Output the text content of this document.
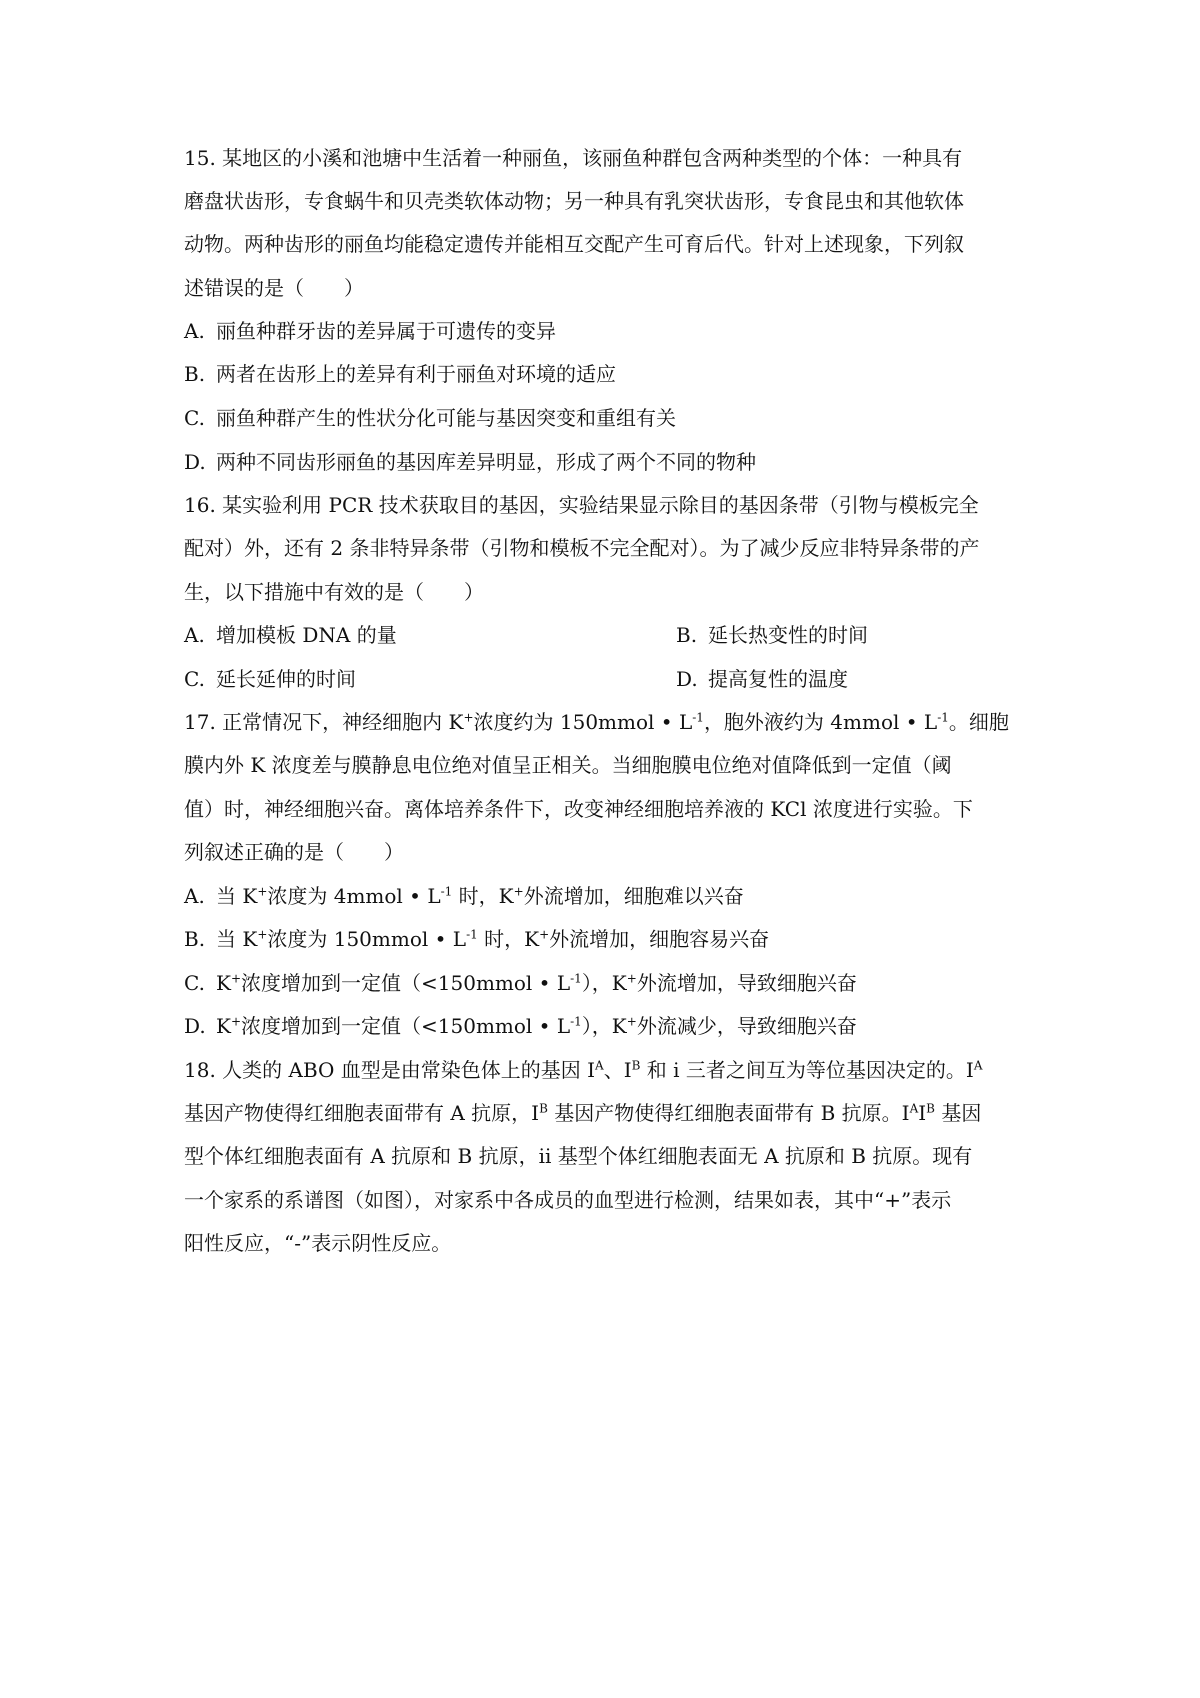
15. 某地区的小溪和池塘中生活着一种丽鱼，该丽鱼种群包含两种类型的个体：一种具有
磨盘状齿形，专食蜗牛和贝壳类软体动物；另一种具有乳突状齿形，专食昆虫和其他软体
动物。两种齿形的丽鱼均能稳定遗传并能相互交配产生可育后代。针对上述现象，下列叙
述错误的是（　　）
A. 丽鱼种群牙齿的差异属于可遗传的变异
B. 两者在齿形上的差异有利于丽鱼对环境的适应
C. 丽鱼种群产生的性状分化可能与基因突变和重组有关
D. 两种不同齿形丽鱼的基因库差异明显，形成了两个不同的物种
16. 某实验利用 PCR 技术获取目的基因，实验结果显示除目的基因条带（引物与模板完全
配对）外，还有 2 条非特异条带（引物和模板不完全配对）。为了减少反应非特异条带的产
生，以下措施中有效的是（　　）
A. 增加模板 DNA 的量	B. 延长热变性的时间
C. 延长延伸的时间	D. 提高复性的温度
17. 正常情况下，神经细胞内 K+浓度约为 150mmol • $L^{-1}$，胞外液约为 4mmol • $L^{-1}$。细胞
膜内外 K 浓度差与膜静息电位绝对值呈正相关。当细胞膜电位绝对值降低到一定值（阈
值）时，神经细胞兴奋。离体培养条件下，改变神经细胞培养液的 KCl 浓度进行实验。下
列叙述正确的是（　　）
A. 当 K+浓度为 4mmol • $L^{-1}$ 时，K+外流增加，细胞难以兴奋
B. 当 K+浓度为 150mmol • $L^{-1}$ 时，K+外流增加，细胞容易兴奋
C. K+浓度增加到一定值（<150mmol • $L^{-1}$），K+外流增加，导致细胞兴奋
D. K+浓度增加到一定值（<150mmol • $L^{-1}$），K+外流减少，导致细胞兴奋
18. 人类的 ABO 血型是由常染色体上的基因 $I^A$、$I^B$ 和 i 三者之间互为等位基因决定的。$I^A$
基因产物使得红细胞表面带有 A 抗原，$I^B$ 基因产物使得红细胞表面带有 B 抗原。$I^AI^B$ 基因
型个体红细胞表面有 A 抗原和 B 抗原，ii 基型个体红细胞表面无 A 抗原和 B 抗原。现有
一个家系的系谱图（如图），对家系中各成员的血型进行检测，结果如表，其中“+”表示
阳性反应，“-”表示阴性反应。
